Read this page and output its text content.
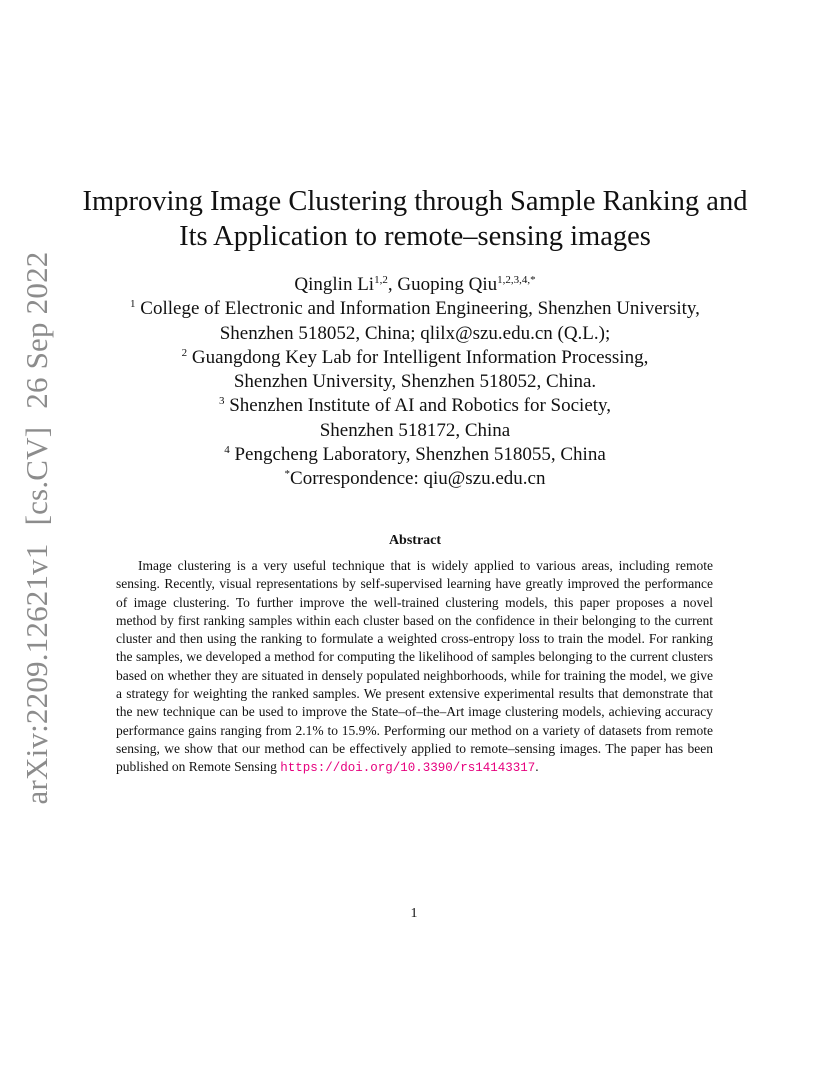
arXiv:2209.12621v1[cs.CV]26 Sep 2022
Improving Image Clustering through Sample Ranking and
Its Application to remote–sensing images
Qinglin Li$^{1,2}$, Guoping Qiu$^{1,2,3,4,*}$
$^1$ College of Electronic and Information Engineering, Shenzhen University,
Shenzhen 518052, China; qlilx@szu.edu.cn (Q.L.);
$^2$ Guangdong Key Lab for Intelligent Information Processing,
Shenzhen University, Shenzhen 518052, China.
$^3$ Shenzhen Institute of AI and Robotics for Society,
Shenzhen 518172, China
$^4$ Pengcheng Laboratory, Shenzhen 518055, China
*Correspondence: qiu@szu.edu.cn
Abstract

Image clustering is a very useful technique that is widely applied to various areas, including remote sensing. Recently, visual representations by self-supervised learning have greatly improved the performance of image clustering. To further improve the well-trained clustering models, this paper proposes a novel method by first ranking samples within each cluster based on the confidence in their belonging to the current cluster and then using the ranking to formulate a weighted cross-entropy loss to train the model. For ranking the samples, we developed a method for computing the likelihood of samples belonging to the current clusters based on whether they are situated in densely populated neighborhoods, while for training the model, we give a strategy for weighting the ranked samples. We present extensive experimental results that demonstrate that the new technique can be used to improve the State–of–the–Art image clustering models, achieving accuracy performance gains ranging from 2.1% to 15.9%. Performing our method on a variety of datasets from remote sensing, we show that our method can be effectively applied to remote–sensing images. The paper has been published on Remote Sensing https://doi.org/10.3390/rs14143317.

1
